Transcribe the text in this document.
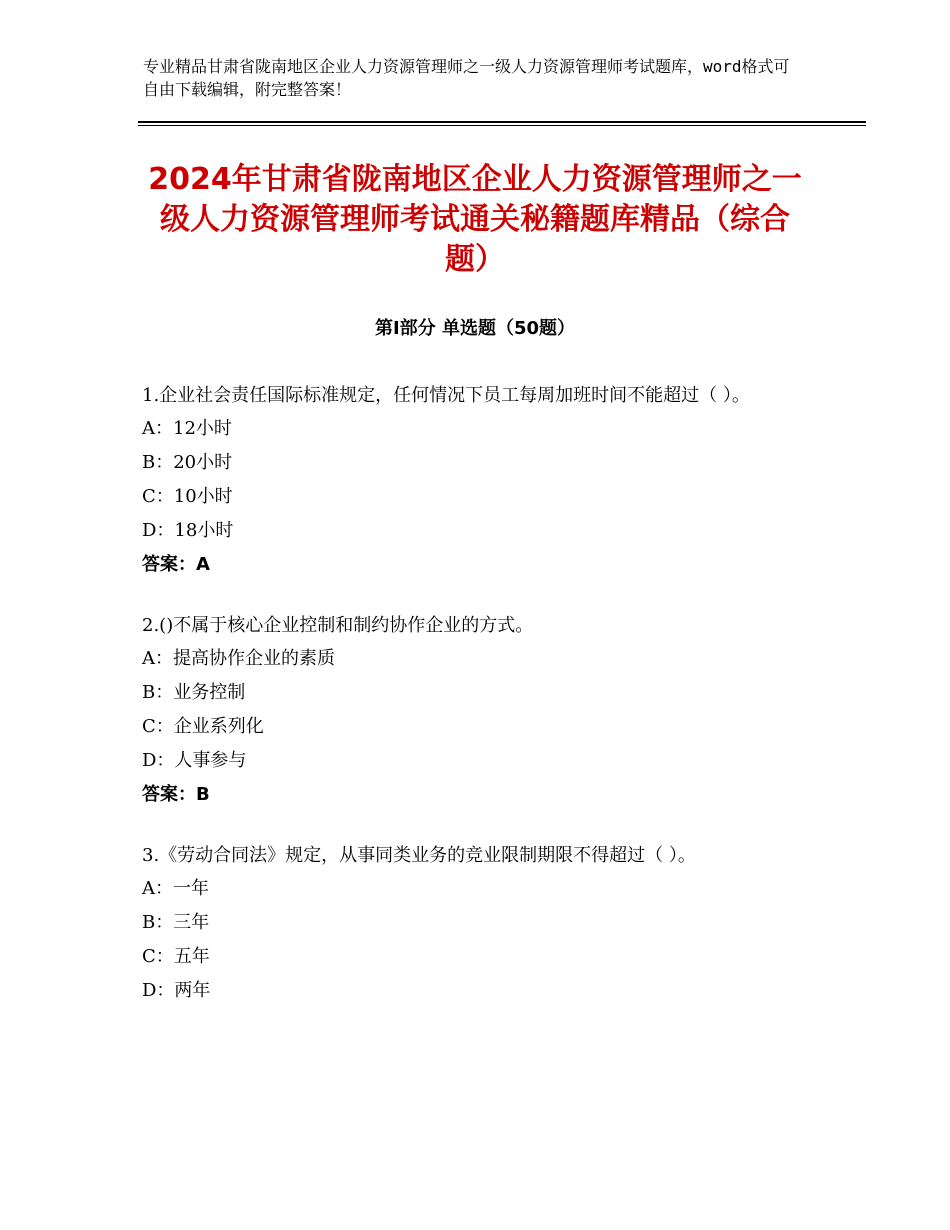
专业精品甘肃省陇南地区企业人力资源管理师之一级人力资源管理师考试题库，word格式可自由下载编辑，附完整答案！
2024年甘肃省陇南地区企业人力资源管理师之一级人力资源管理师考试通关秘籍题库精品（综合题）
第Ⅰ部分 单选题（50题）
1.企业社会责任国际标准规定，任何情况下员工每周加班时间不能超过（ ）。
A：12小时
B：20小时
C：10小时
D：18小时
答案：A
2.()不属于核心企业控制和制约协作企业的方式。
A：提高协作企业的素质
B：业务控制
C：企业系列化
D：人事参与
答案：B
3.《劳动合同法》规定，从事同类业务的竞业限制期限不得超过（ ）。
A：一年
B：三年
C：五年
D：两年
